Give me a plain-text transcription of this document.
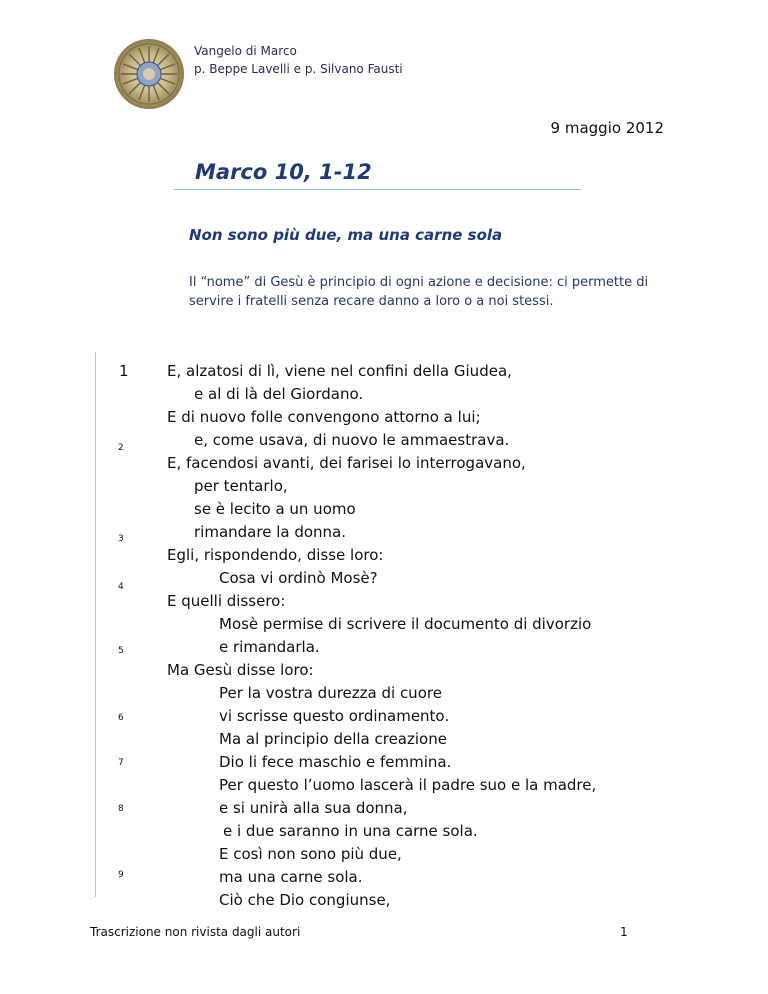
Vangelo di Marco
p. Beppe Lavelli e p. Silvano Fausti
9 maggio 2012
Marco 10, 1-12
Non sono più due, ma una carne sola
Il “nome” di Gesù è principio di ogni azione e decisione: ci permette di servire i fratelli senza recare danno a loro o a noi stessi.
1
2
3
4
5
6
7
8
9
E, alzatosi di lì, viene nel confini della Giudea,
e al di là del Giordano.
E di nuovo folle convengono attorno a lui;
e, come usava, di nuovo le ammaestrava.
E, facendosi avanti, dei farisei lo interrogavano,
per tentarlo,
se è lecito a un uomo
rimandare la donna.
Egli, rispondendo, disse loro:
Cosa vi ordinò Mosè?
E quelli dissero:
Mosè permise di scrivere il documento di divorzio
e rimandarla.
Ma Gesù disse loro:
Per la vostra durezza di cuore
vi scrisse questo ordinamento.
Ma al principio della creazione
Dio li fece maschio e femmina.
Per questo l’uomo lascerà il padre suo e la madre,
e si unirà alla sua donna,
e i due saranno in una carne sola.
E così non sono più due,
ma una carne sola.
Ciò che Dio congiunse,
Trascrizione non rivista dagli autori	1
